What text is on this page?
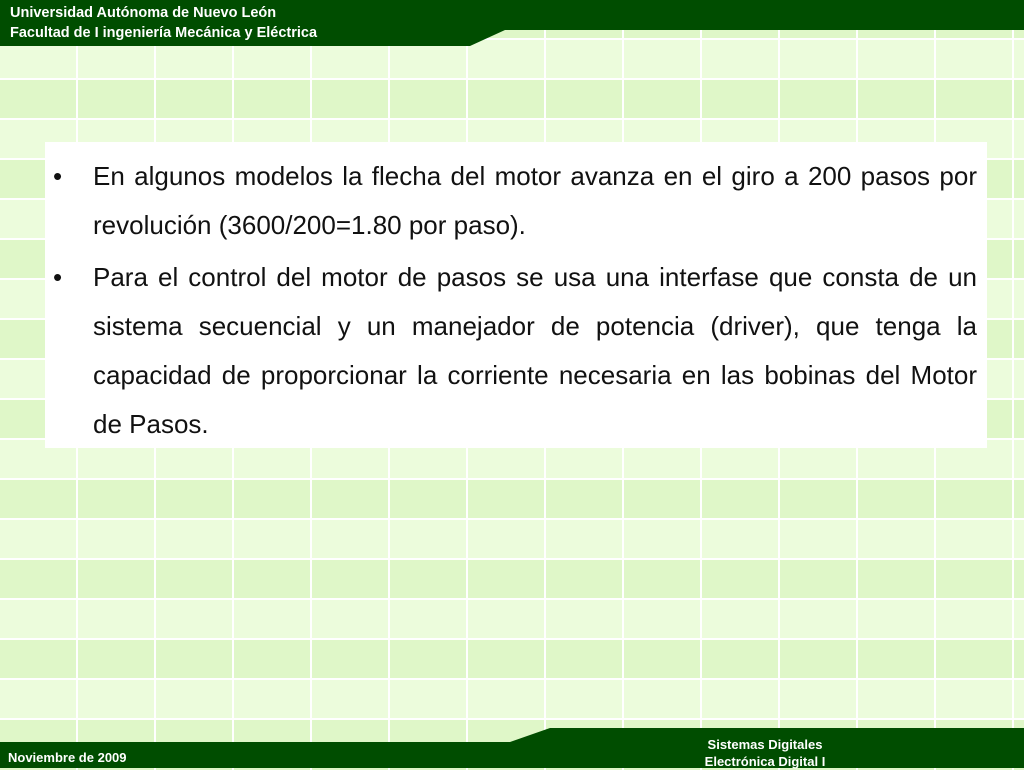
Universidad Autónoma de Nuevo León
Facultad de I ingeniería Mecánica y Eléctrica
• En algunos modelos la flecha del motor avanza en el giro a 200 pasos por revolución (3600/200=1.80 por paso).
• Para el control del motor de pasos se usa una interfase que consta de un sistema secuencial y un manejador de potencia (driver), que tenga la capacidad de proporcionar la corriente necesaria en las bobinas del Motor de Pasos.
Noviembre de 2009
Sistemas Digitales
Electrónica Digital I
